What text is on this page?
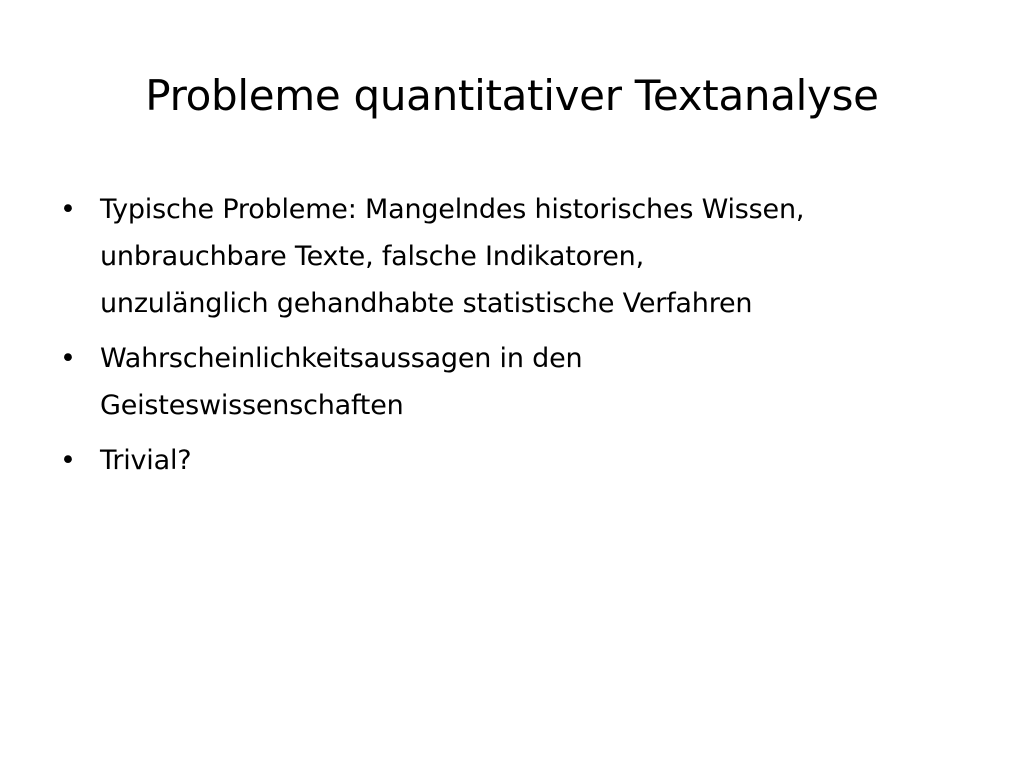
Probleme quantitativer Textanalyse
• Typische Probleme: Mangelndes historisches Wissen,
unbrauchbare Texte, falsche Indikatoren,
unzulänglich gehandhabte statistische Verfahren
• Wahrscheinlichkeitsaussagen in den
Geisteswissenschaften
• Trivial?
